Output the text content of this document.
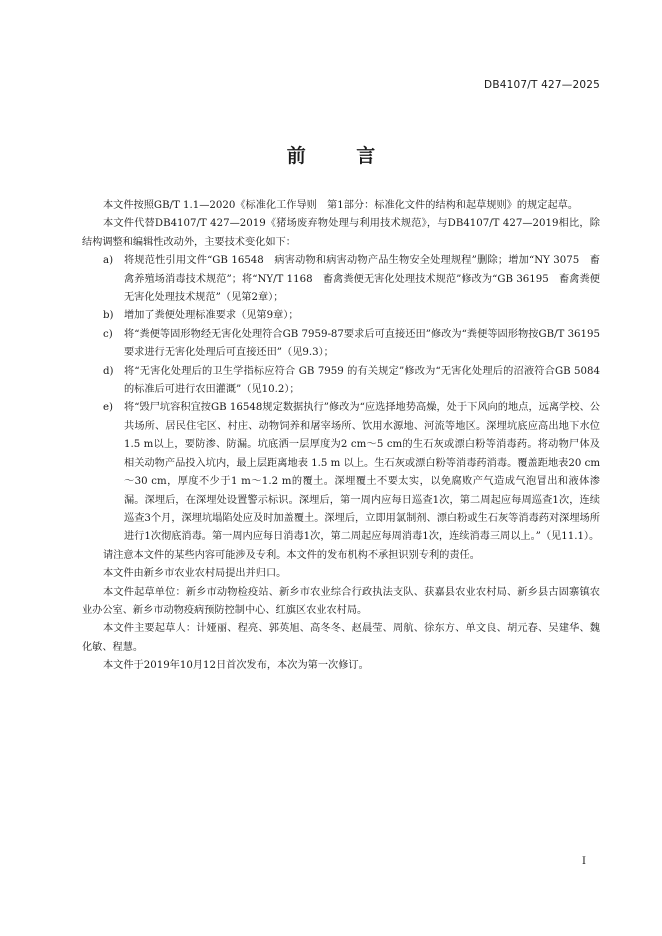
DB4107/T 427—2025
前 言

本文件按照GB/T 1.1—2020《标准化工作导则　第1部分：标准化文件的结构和起草规则》的规定起草。

本文件代替DB4107/T 427—2019《猪场废弃物处理与利用技术规范》，与DB4107/T 427—2019相比，除结构调整和编辑性改动外，主要技术变化如下：

a) 将规范性引用文件“GB 16548　病害动物和病害动物产品生物安全处理规程”删除；增加“NY 3075　畜禽养殖场消毒技术规范”；将“NY/T 1168　畜禽粪便无害化处理技术规范”修改为“GB 36195　畜禽粪便无害化处理技术规范”（见第2章）；
b) 增加了粪便处理标准要求（见第9章）；
c) 将“粪便等固形物经无害化处理符合GB 7959-87要求后可直接还田”修改为“粪便等固形物按GB/T 36195要求进行无害化处理后可直接还田”（见9.3）；
d) 将“无害化处理后的卫生学指标应符合 GB 7959 的有关规定”修改为“无害化处理后的沼液符合GB 5084的标准后可进行农田灌溉”（见10.2）；
e) 将“毁尸坑容积宜按GB 16548规定数据执行”修改为“应选择地势高燥，处于下风向的地点，远离学校、公共场所、居民住宅区、村庄、动物饲养和屠宰场所、饮用水源地、河流等地区。深埋坑底应高出地下水位1.5 m以上，要防渗、防漏。坑底洒一层厚度为2 cm～5 cm的生石灰或漂白粉等消毒药。将动物尸体及相关动物产品投入坑内，最上层距离地表 1.5 m 以上。生石灰或漂白粉等消毒药消毒。覆盖距地表20 cm～30 cm，厚度不少于1 m～1.2 m的覆土。深埋覆土不要太实，以免腐败产气造成气泡冒出和液体渗漏。深埋后，在深埋处设置警示标识。深埋后，第一周内应每日巡查1次，第二周起应每周巡查1次，连续巡查3个月，深埋坑塌陷处应及时加盖覆土。深埋后，立即用氯制剂、漂白粉或生石灰等消毒药对深埋场所进行1次彻底消毒。第一周内应每日消毒1次，第二周起应每周消毒1次，连续消毒三周以上。”（见11.1）。

请注意本文件的某些内容可能涉及专利。本文件的发布机构不承担识别专利的责任。

本文件由新乡市农业农村局提出并归口。

本文件起草单位：新乡市动物检疫站、新乡市农业综合行政执法支队、获嘉县农业农村局、新乡县古固寨镇农业办公室、新乡市动物疫病预防控制中心、红旗区农业农村局。

本文件主要起草人：计娅丽、程亮、郭英旭、高冬冬、赵晨莹、周航、徐东方、单文良、胡元春、吴建华、魏化敏、程慧。

本文件于2019年10月12日首次发布，本次为第一次修订。

I
